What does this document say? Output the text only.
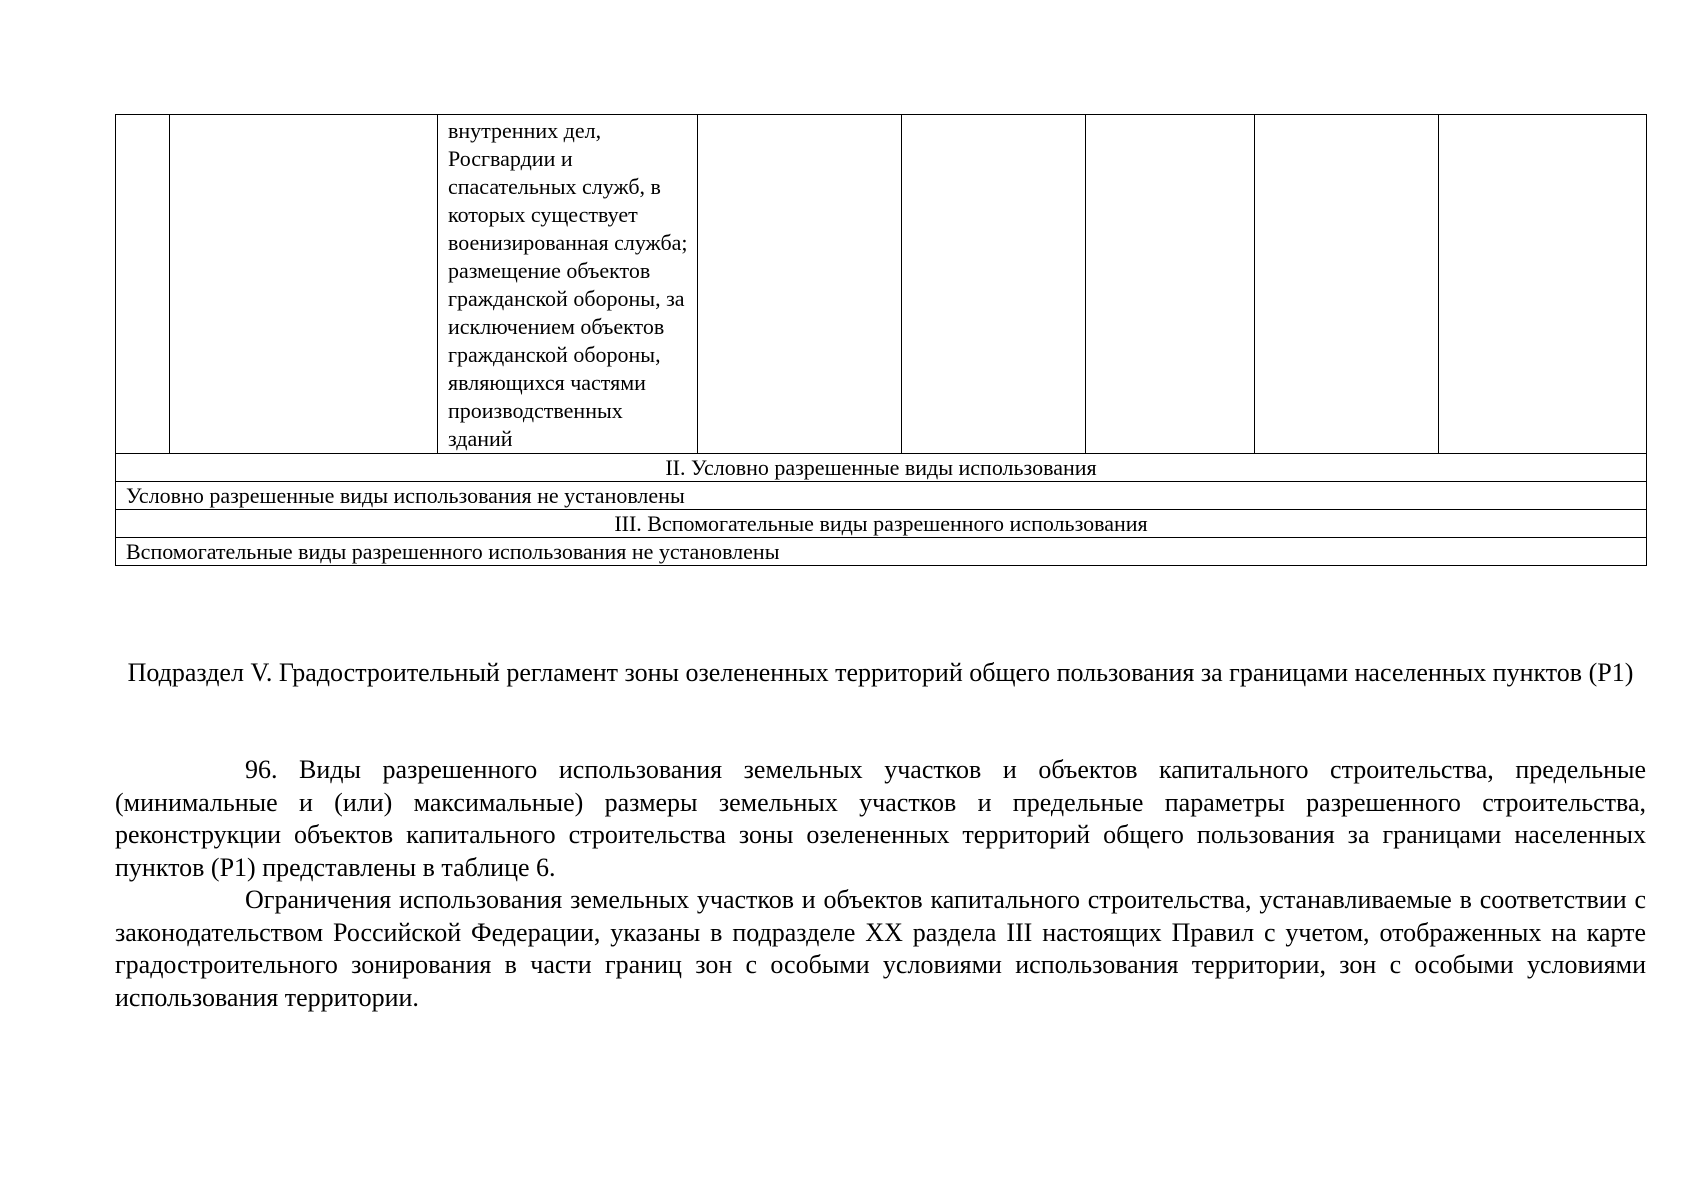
		внутренних дел, Росгвардии и спасательных служб, в которых существует военизированная служба; размещение объектов гражданской обороны, за исключением объектов гражданской обороны, являющихся частями производственных зданий					
II. Условно разрешенные виды использования
Условно разрешенные виды использования не установлены
III. Вспомогательные виды разрешенного использования
Вспомогательные виды разрешенного использования не установлены
Подраздел V. Градостроительный регламент зоны озелененных территорий общего пользования за границами населенных пунктов (Р1)

96. Виды разрешенного использования земельных участков и объектов капитального строительства, предельные (минимальные и (или) максимальные) размеры земельных участков и предельные параметры разрешенного строительства, реконструкции объектов капитального строительства зоны озелененных территорий общего пользования за границами населенных пунктов (Р1) представлены в таблице 6.

Ограничения использования земельных участков и объектов капитального строительства, устанавливаемые в соответствии с законодательством Российской Федерации, указаны в подразделе XX раздела III настоящих Правил с учетом, отображенных на карте градостроительного зонирования в части границ зон с особыми условиями использования территории, зон с особыми условиями использования территории.
